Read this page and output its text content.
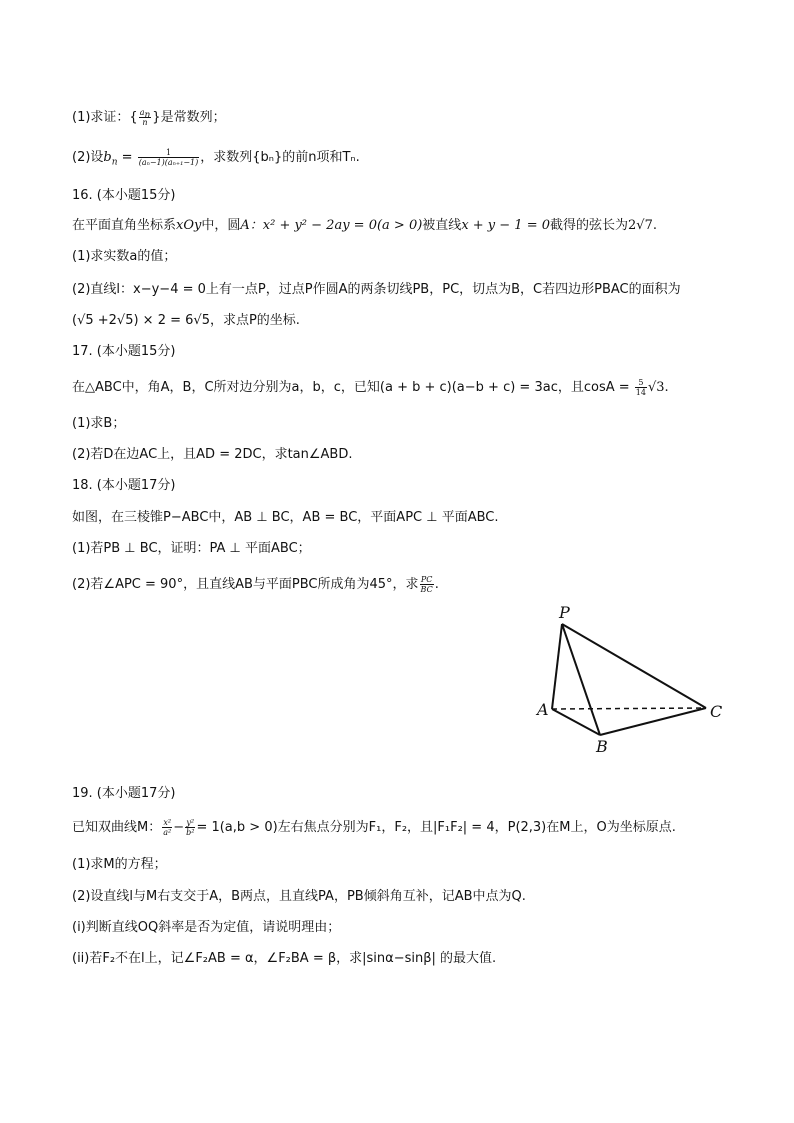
(1)求证：{ $\frac{a_n}{n}$ }是常数列；
(2)设$b_n = \frac{1}{\text{(aₙ−1)(aₙ₊₁−1)}}$ ，求数列{bₙ}的前n项和Tₙ.
16. (本小题15分)
在平面直角坐标系xOy中，圆A：x² + y² − 2ay = 0(a > 0)被直线x + y − 1 = 0截得的弦长为2√7.
(1)求实数a的值；
(2)直线l：x−y−4 = 0上有一点P，过点P作圆A的两条切线PB，PC，切点为B，C若四边形PBAC的面积为
(√5 +2√5) × 2 = 6√5，求点P的坐标.
17. (本小题15分)
在△ABC中，角A，B，C所对边分别为a，b，c，已知(a + b + c)(a−b + c) = 3ac，且$\cos A = \frac{5}{14} √3$.
(1)求B；
(2)若D在边AC上，且AD = 2DC，求tan∠ABD.
18. (本小题17分)
如图，在三棱锥P−ABC中，AB ⊥ BC，AB = BC，平面APC ⊥ 平面ABC.
(1)若PB ⊥ BC，证明：PA ⊥ 平面ABC；
(2)若∠APC = 90°，且直线AB与平面PBC所成角为45°，求 $\frac{PC}{BC}$ .
P
A
B
C
19. (本小题17分)
已知双曲线M： $\frac{\text{x²}}{\text{a²}} - \frac{\text{y²}}{\text{b²}} = 1(a,b > 0)$左右焦点分别为F₁，F₂，且|F₁F₂| = 4，P(2,3)在M上，O为坐标原点.
(1)求M的方程；
(2)设直线l与M右支交于A，B两点，且直线PA，PB倾斜角互补，记AB中点为Q.
(i)判断直线OQ斜率是否为定值，请说明理由；
(ii)若F₂不在l上，记∠F₂AB = α，∠F₂BA = β，求|sinα−sinβ| 的最大值.
